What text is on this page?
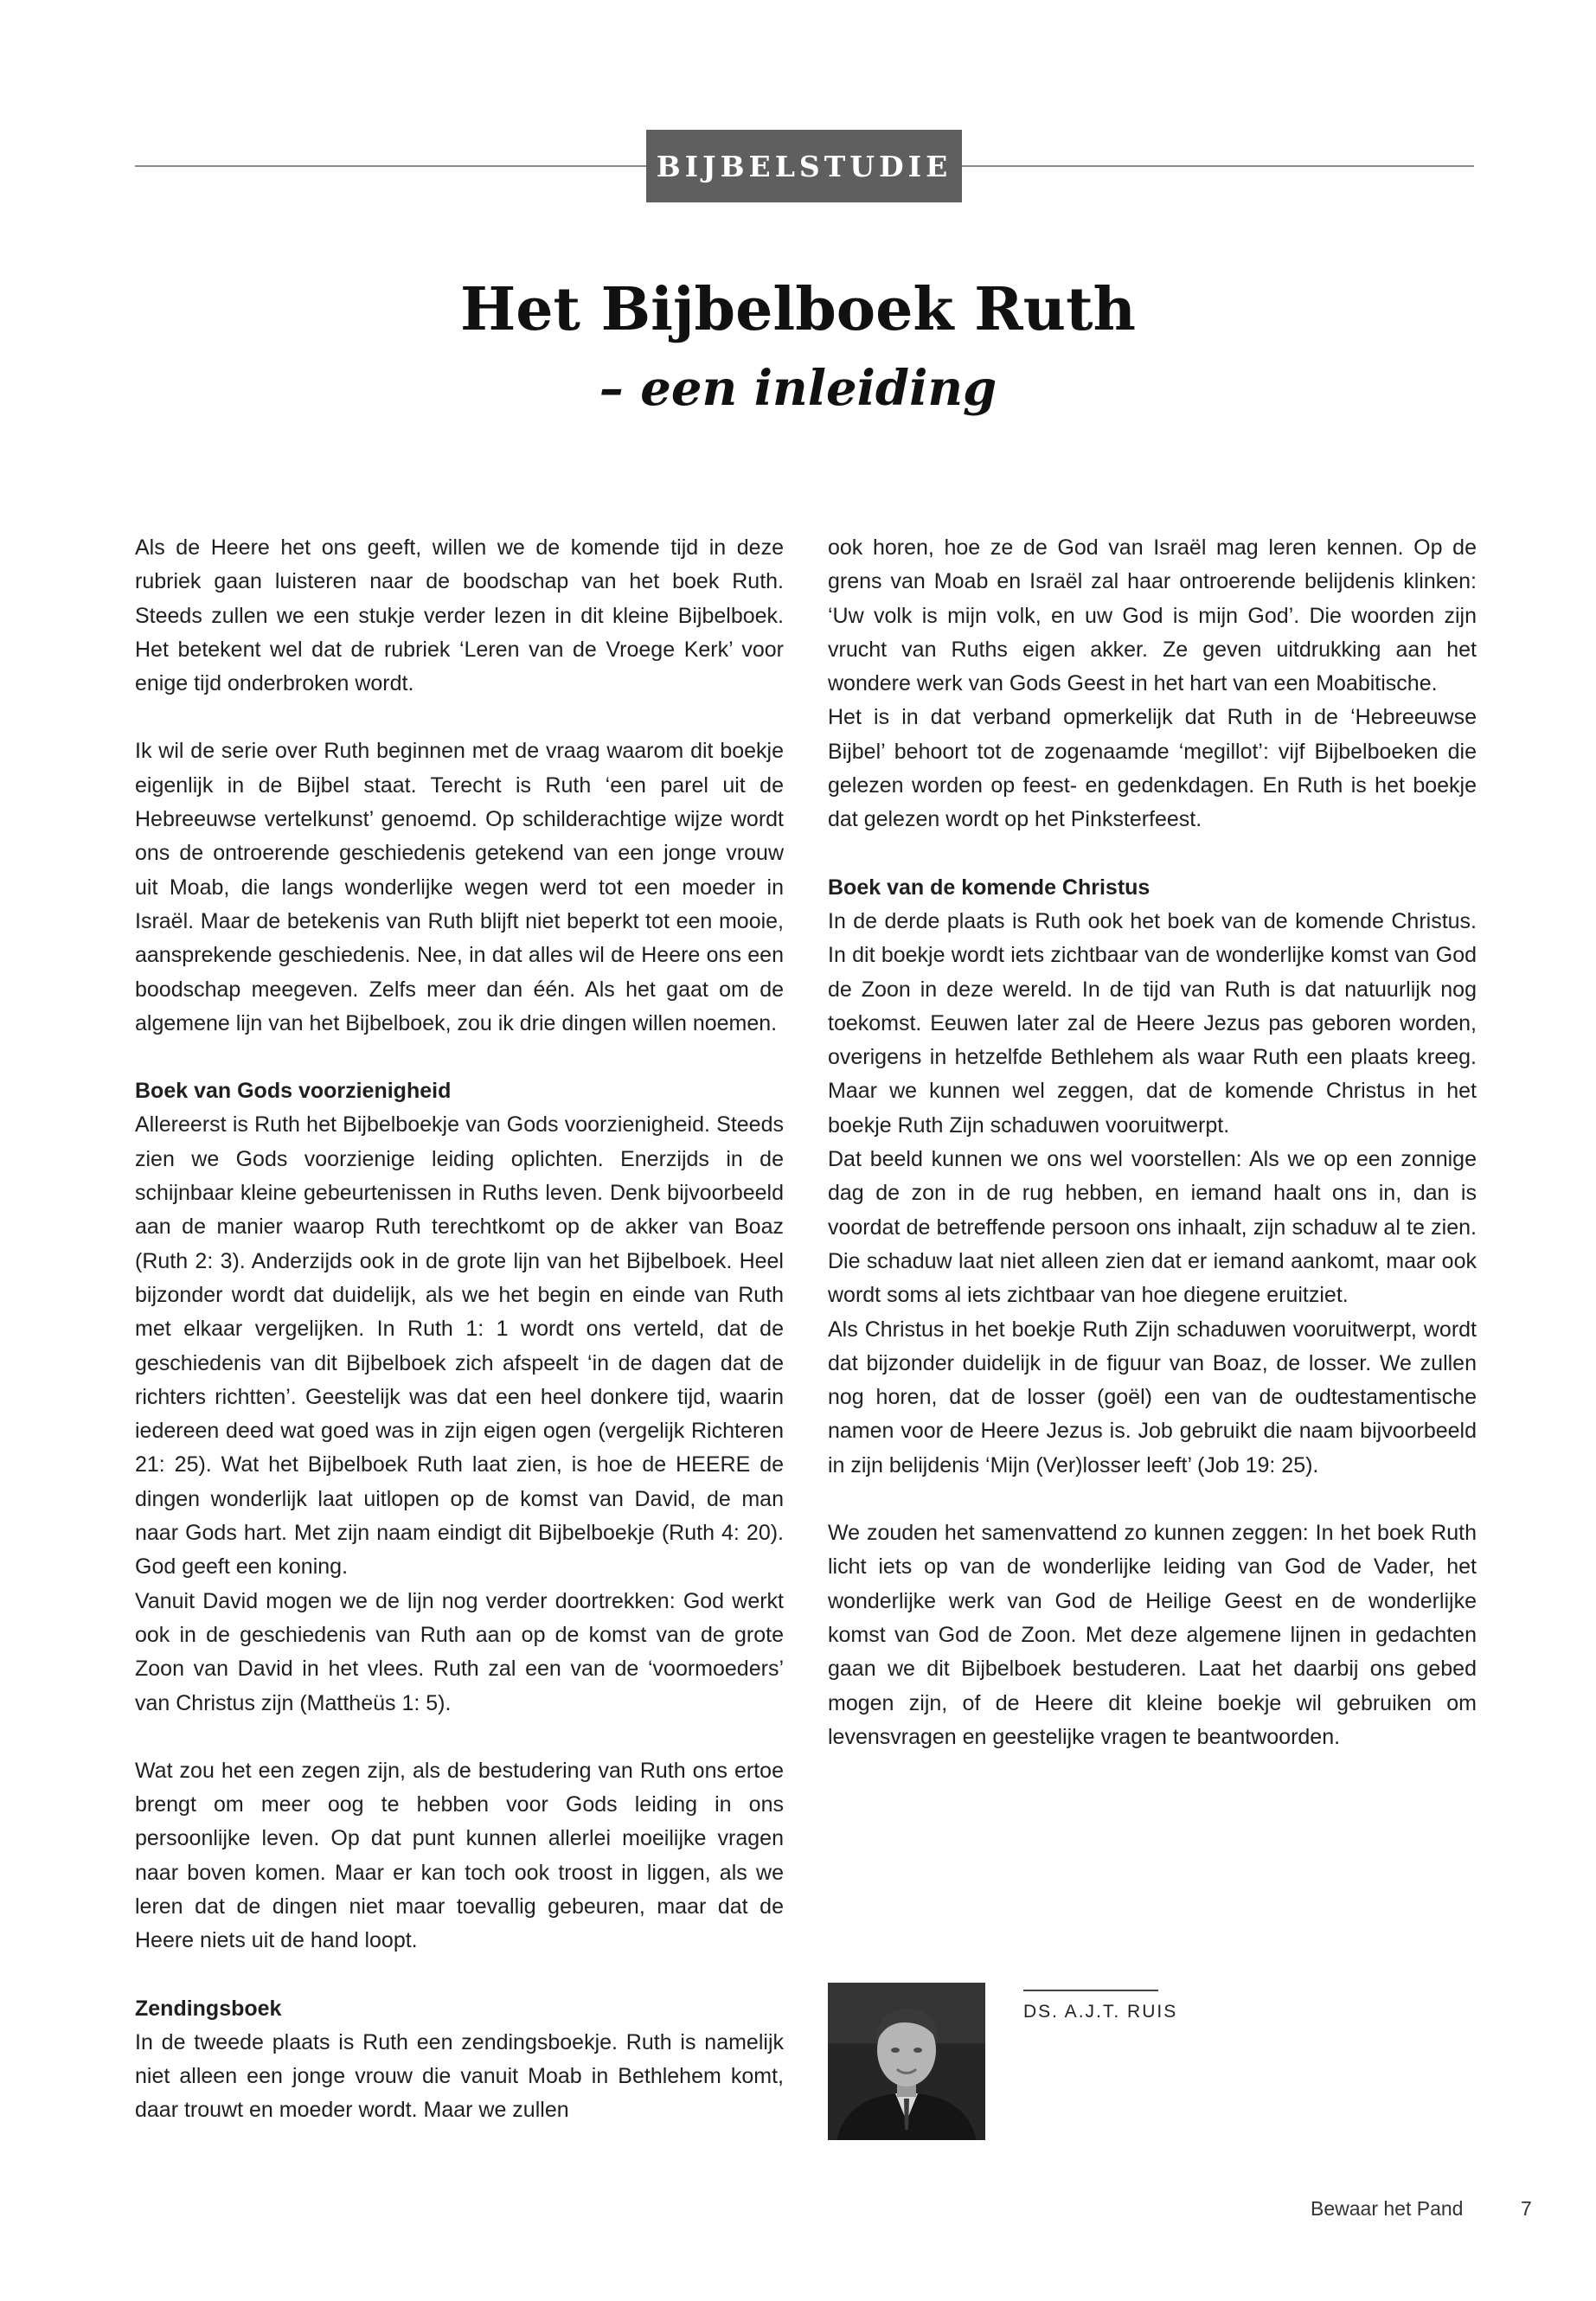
BIJBELSTUDIE
Het Bijbelboek Ruth
– een inleiding

Als de Heere het ons geeft, willen we de komende tijd in deze rubriek gaan luisteren naar de boodschap van het boek Ruth. Steeds zullen we een stukje verder lezen in dit kleine Bijbelboek. Het betekent wel dat de rubriek ‘Leren van de Vroege Kerk’ voor enige tijd onderbroken wordt.

Ik wil de serie over Ruth beginnen met de vraag waarom dit boekje eigenlijk in de Bijbel staat. Terecht is Ruth ‘een parel uit de Hebreeuwse vertelkunst’ genoemd. Op schilderachtige wijze wordt ons de ontroerende geschiedenis getekend van een jonge vrouw uit Moab, die langs wonderlijke wegen werd tot een moeder in Israël. Maar de betekenis van Ruth blijft niet beperkt tot een mooie, aansprekende geschiedenis. Nee, in dat alles wil de Heere ons een boodschap meegeven. Zelfs meer dan één. Als het gaat om de algemene lijn van het Bijbelboek, zou ik drie dingen willen noemen.

Boek van Gods voorzienigheid

Allereerst is Ruth het Bijbelboekje van Gods voorzienigheid. Steeds zien we Gods voorzienige leiding oplichten. Enerzijds in de schijnbaar kleine gebeurtenissen in Ruths leven. Denk bijvoorbeeld aan de manier waarop Ruth terechtkomt op de akker van Boaz (Ruth 2: 3). Anderzijds ook in de grote lijn van het Bijbelboek. Heel bijzonder wordt dat duidelijk, als we het begin en einde van Ruth met elkaar vergelijken. In Ruth 1: 1 wordt ons verteld, dat de geschiedenis van dit Bijbelboek zich afspeelt ‘in de dagen dat de richters richtten’. Geestelijk was dat een heel donkere tijd, waarin iedereen deed wat goed was in zijn eigen ogen (vergelijk Richteren 21: 25). Wat het Bijbelboek Ruth laat zien, is hoe de HEERE de dingen wonderlijk laat uitlopen op de komst van David, de man naar Gods hart. Met zijn naam eindigt dit Bijbelboekje (Ruth 4: 20). God geeft een koning.

Vanuit David mogen we de lijn nog verder doortrekken: God werkt ook in de geschiedenis van Ruth aan op de komst van de grote Zoon van David in het vlees. Ruth zal een van de ‘voormoeders’ van Christus zijn (Mattheüs 1: 5).

Wat zou het een zegen zijn, als de bestudering van Ruth ons ertoe brengt om meer oog te hebben voor Gods leiding in ons persoonlijke leven. Op dat punt kunnen allerlei moeilijke vragen naar boven komen. Maar er kan toch ook troost in liggen, als we leren dat de dingen niet maar toevallig gebeuren, maar dat de Heere niets uit de hand loopt.

Zendingsboek

In de tweede plaats is Ruth een zendingsboekje. Ruth is namelijk niet alleen een jonge vrouw die vanuit Moab in Bethlehem komt, daar trouwt en moeder wordt. Maar we zullen

ook horen, hoe ze de God van Israël mag leren kennen. Op de grens van Moab en Israël zal haar ontroerende belijdenis klinken: ‘Uw volk is mijn volk, en uw God is mijn God’. Die woorden zijn vrucht van Ruths eigen akker. Ze geven uitdrukking aan het wondere werk van Gods Geest in het hart van een Moabitische.

Het is in dat verband opmerkelijk dat Ruth in de ‘Hebreeuwse Bijbel’ behoort tot de zogenaamde ‘megillot’: vijf Bijbelboeken die gelezen worden op feest- en gedenkdagen. En Ruth is het boekje dat gelezen wordt op het Pinksterfeest.

Boek van de komende Christus

In de derde plaats is Ruth ook het boek van de komende Christus. In dit boekje wordt iets zichtbaar van de wonderlijke komst van God de Zoon in deze wereld. In de tijd van Ruth is dat natuurlijk nog toekomst. Eeuwen later zal de Heere Jezus pas geboren worden, overigens in hetzelfde Bethlehem als waar Ruth een plaats kreeg. Maar we kunnen wel zeggen, dat de komende Christus in het boekje Ruth Zijn schaduwen vooruitwerpt.

Dat beeld kunnen we ons wel voorstellen: Als we op een zonnige dag de zon in de rug hebben, en iemand haalt ons in, dan is voordat de betreffende persoon ons inhaalt, zijn schaduw al te zien. Die schaduw laat niet alleen zien dat er iemand aankomt, maar ook wordt soms al iets zichtbaar van hoe diegene eruitziet.

Als Christus in het boekje Ruth Zijn schaduwen vooruitwerpt, wordt dat bijzonder duidelijk in de figuur van Boaz, de losser. We zullen nog horen, dat de losser (goël) een van de oudtestamentische namen voor de Heere Jezus is. Job gebruikt die naam bijvoorbeeld in zijn belijdenis ‘Mijn (Ver)losser leeft’ (Job 19: 25).

We zouden het samenvattend zo kunnen zeggen: In het boek Ruth licht iets op van de wonderlijke leiding van God de Vader, het wonderlijke werk van God de Heilige Geest en de wonderlijke komst van God de Zoon. Met deze algemene lijnen in gedachten gaan we dit Bijbelboek bestuderen. Laat het daarbij ons gebed mogen zijn, of de Heere dit kleine boekje wil gebruiken om levensvragen en geestelijke vragen te beantwoorden.

DS. A.J.T. RUIS
Bewaar het Pand	7
